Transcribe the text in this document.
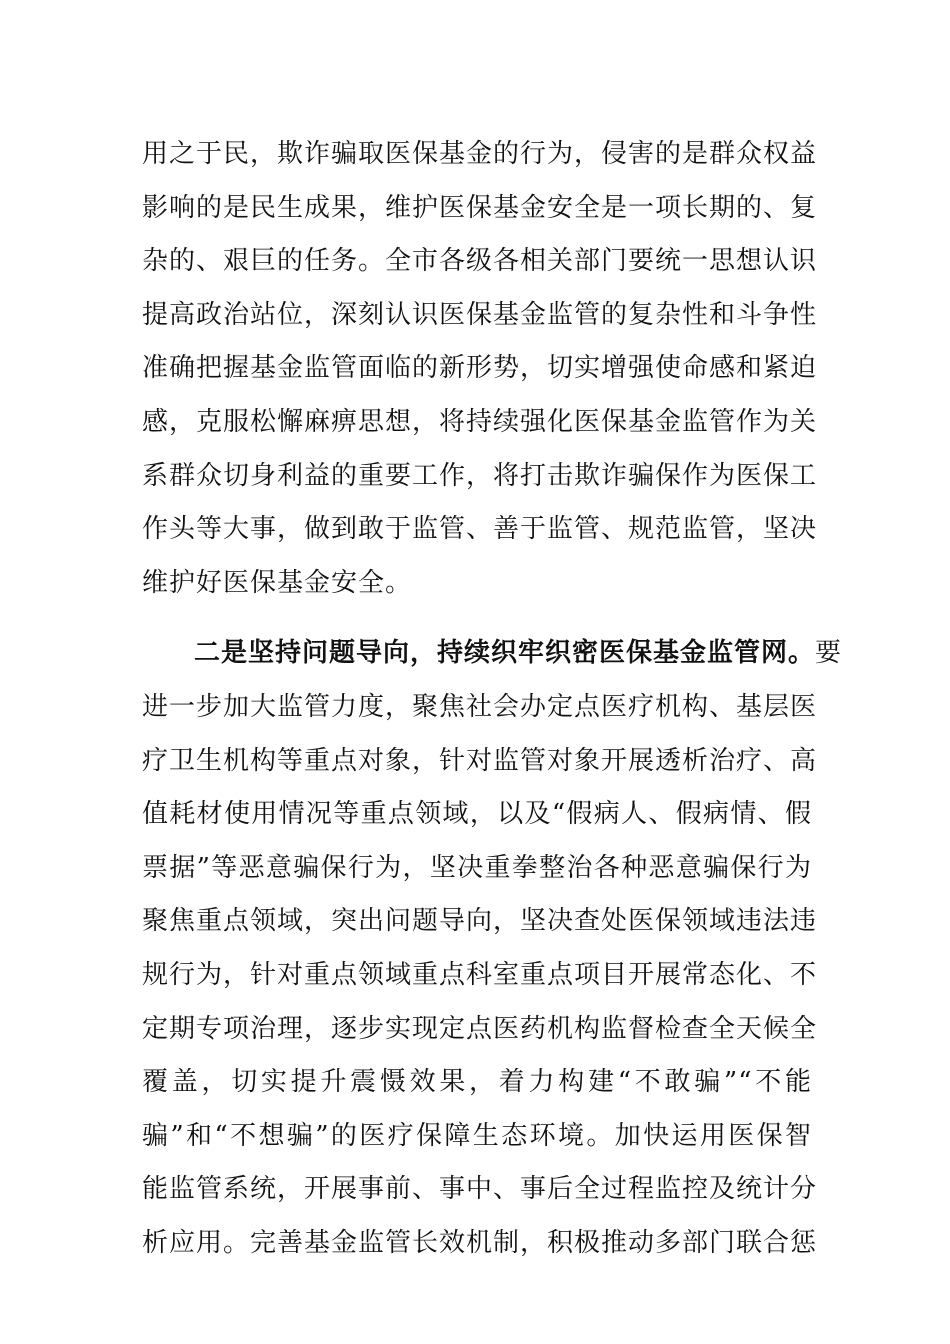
用之于民，欺诈骗取医保基金的行为，侵害的是群众权益
影响的是民生成果，维护医保基金安全是一项长期的、复
杂的、艰巨的任务。全市各级各相关部门要统一思想认识
提高政治站位，深刻认识医保基金监管的复杂性和斗争性
准确把握基金监管面临的新形势，切实增强使命感和紧迫
感，克服松懈麻痹思想，将持续强化医保基金监管作为关
系群众切身利益的重要工作，将打击欺诈骗保作为医保工
作头等大事，做到敢于监管、善于监管、规范监管，坚决
维护好医保基金安全。
二是坚持问题导向，持续织牢织密医保基金监管网。要
进一步加大监管力度，聚焦社会办定点医疗机构、基层医
疗卫生机构等重点对象，针对监管对象开展透析治疗、高
值耗材使用情况等重点领域，以及“假病人、假病情、假
票据”等恶意骗保行为，坚决重拳整治各种恶意骗保行为
聚焦重点领域，突出问题导向，坚决查处医保领域违法违
规行为，针对重点领域重点科室重点项目开展常态化、不
定期专项治理，逐步实现定点医药机构监督检查全天候全
覆盖，切实提升震慑效果，着力构建“不敢骗”“不能
骗”和“不想骗”的医疗保障生态环境。加快运用医保智
能监管系统，开展事前、事中、事后全过程监控及统计分
析应用。完善基金监管长效机制，积极推动多部门联合惩
